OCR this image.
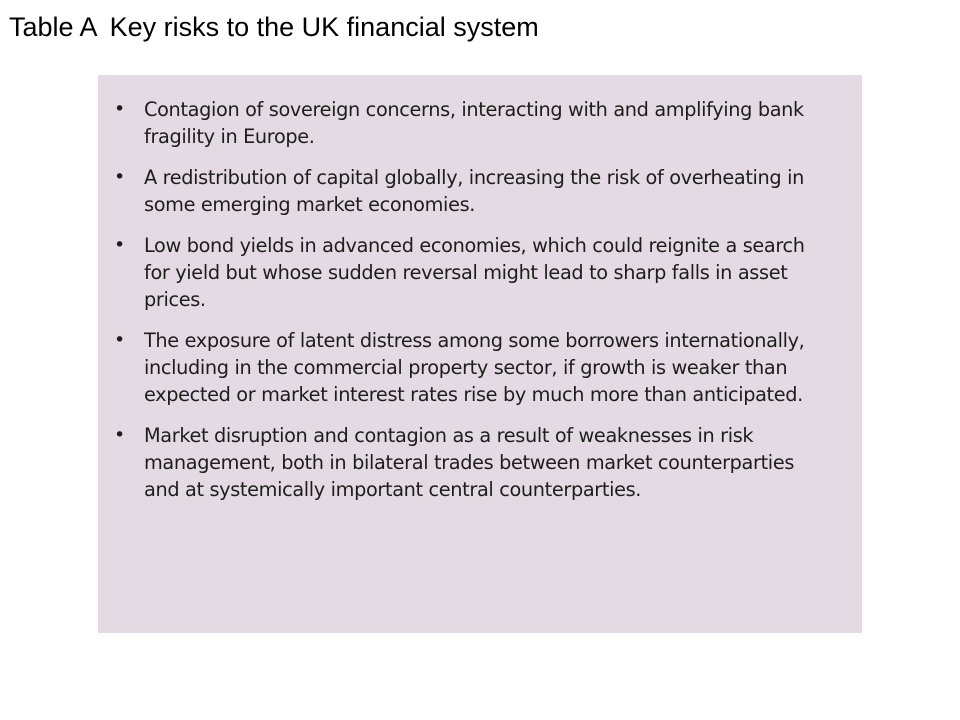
Table A Key risks to the UK financial system
• Contagion of sovereign concerns, interacting with and amplifying bank fragility in Europe.
• A redistribution of capital globally, increasing the risk of overheating in some emerging market economies.
• Low bond yields in advanced economies, which could reignite a search for yield but whose sudden reversal might lead to sharp falls in asset prices.
• The exposure of latent distress among some borrowers internationally, including in the commercial property sector, if growth is weaker than expected or market interest rates rise by much more than anticipated.
• Market disruption and contagion as a result of weaknesses in risk management, both in bilateral trades between market counterparties and at systemically important central counterparties.
